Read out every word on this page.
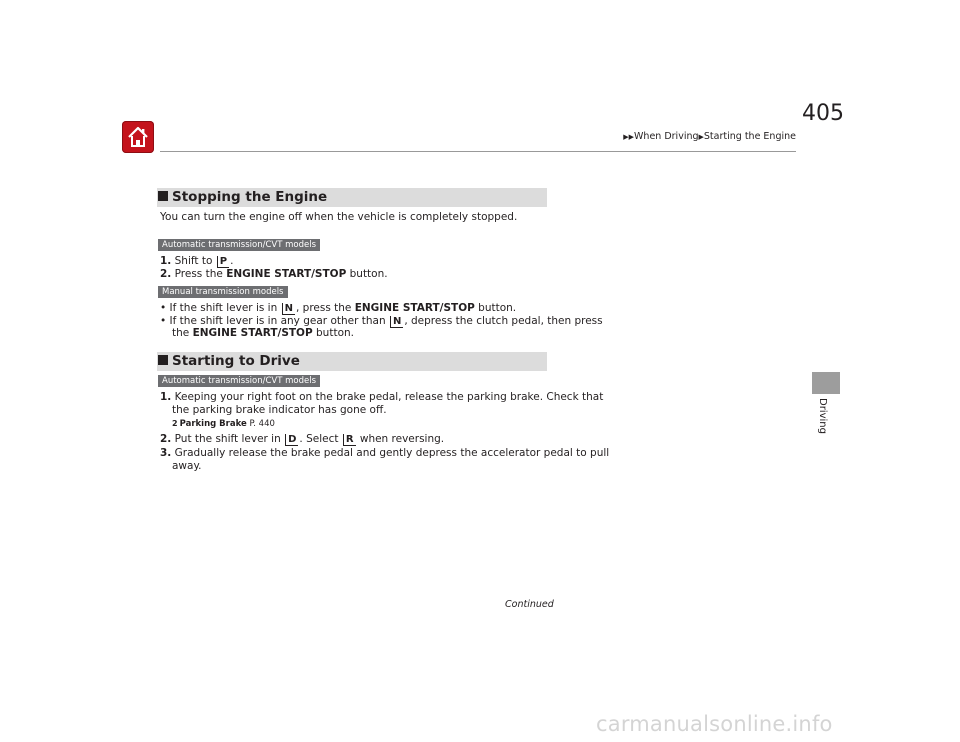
▶▶When Driving▶Starting the Engine
405
Driving
Stopping the Engine
You can turn the engine off when the vehicle is completely stopped.
Automatic transmission/CVT models
1. Shift to P .
2. Press the ENGINE START/STOP button.
Manual transmission models
• If the shift lever is in N , press the ENGINE START/STOP button.
• If the shift lever is in any gear other than N , depress the clutch pedal, then press
the ENGINE START/STOP button.
Starting to Drive
Automatic transmission/CVT models
1. Keeping your right foot on the brake pedal, release the parking brake. Check that
the parking brake indicator has gone off.
2 Parking Brake P. 440
2. Put the shift lever in D . Select R when reversing.
3. Gradually release the brake pedal and gently depress the accelerator pedal to pull
away.
Continued
carmanualsonline.info
